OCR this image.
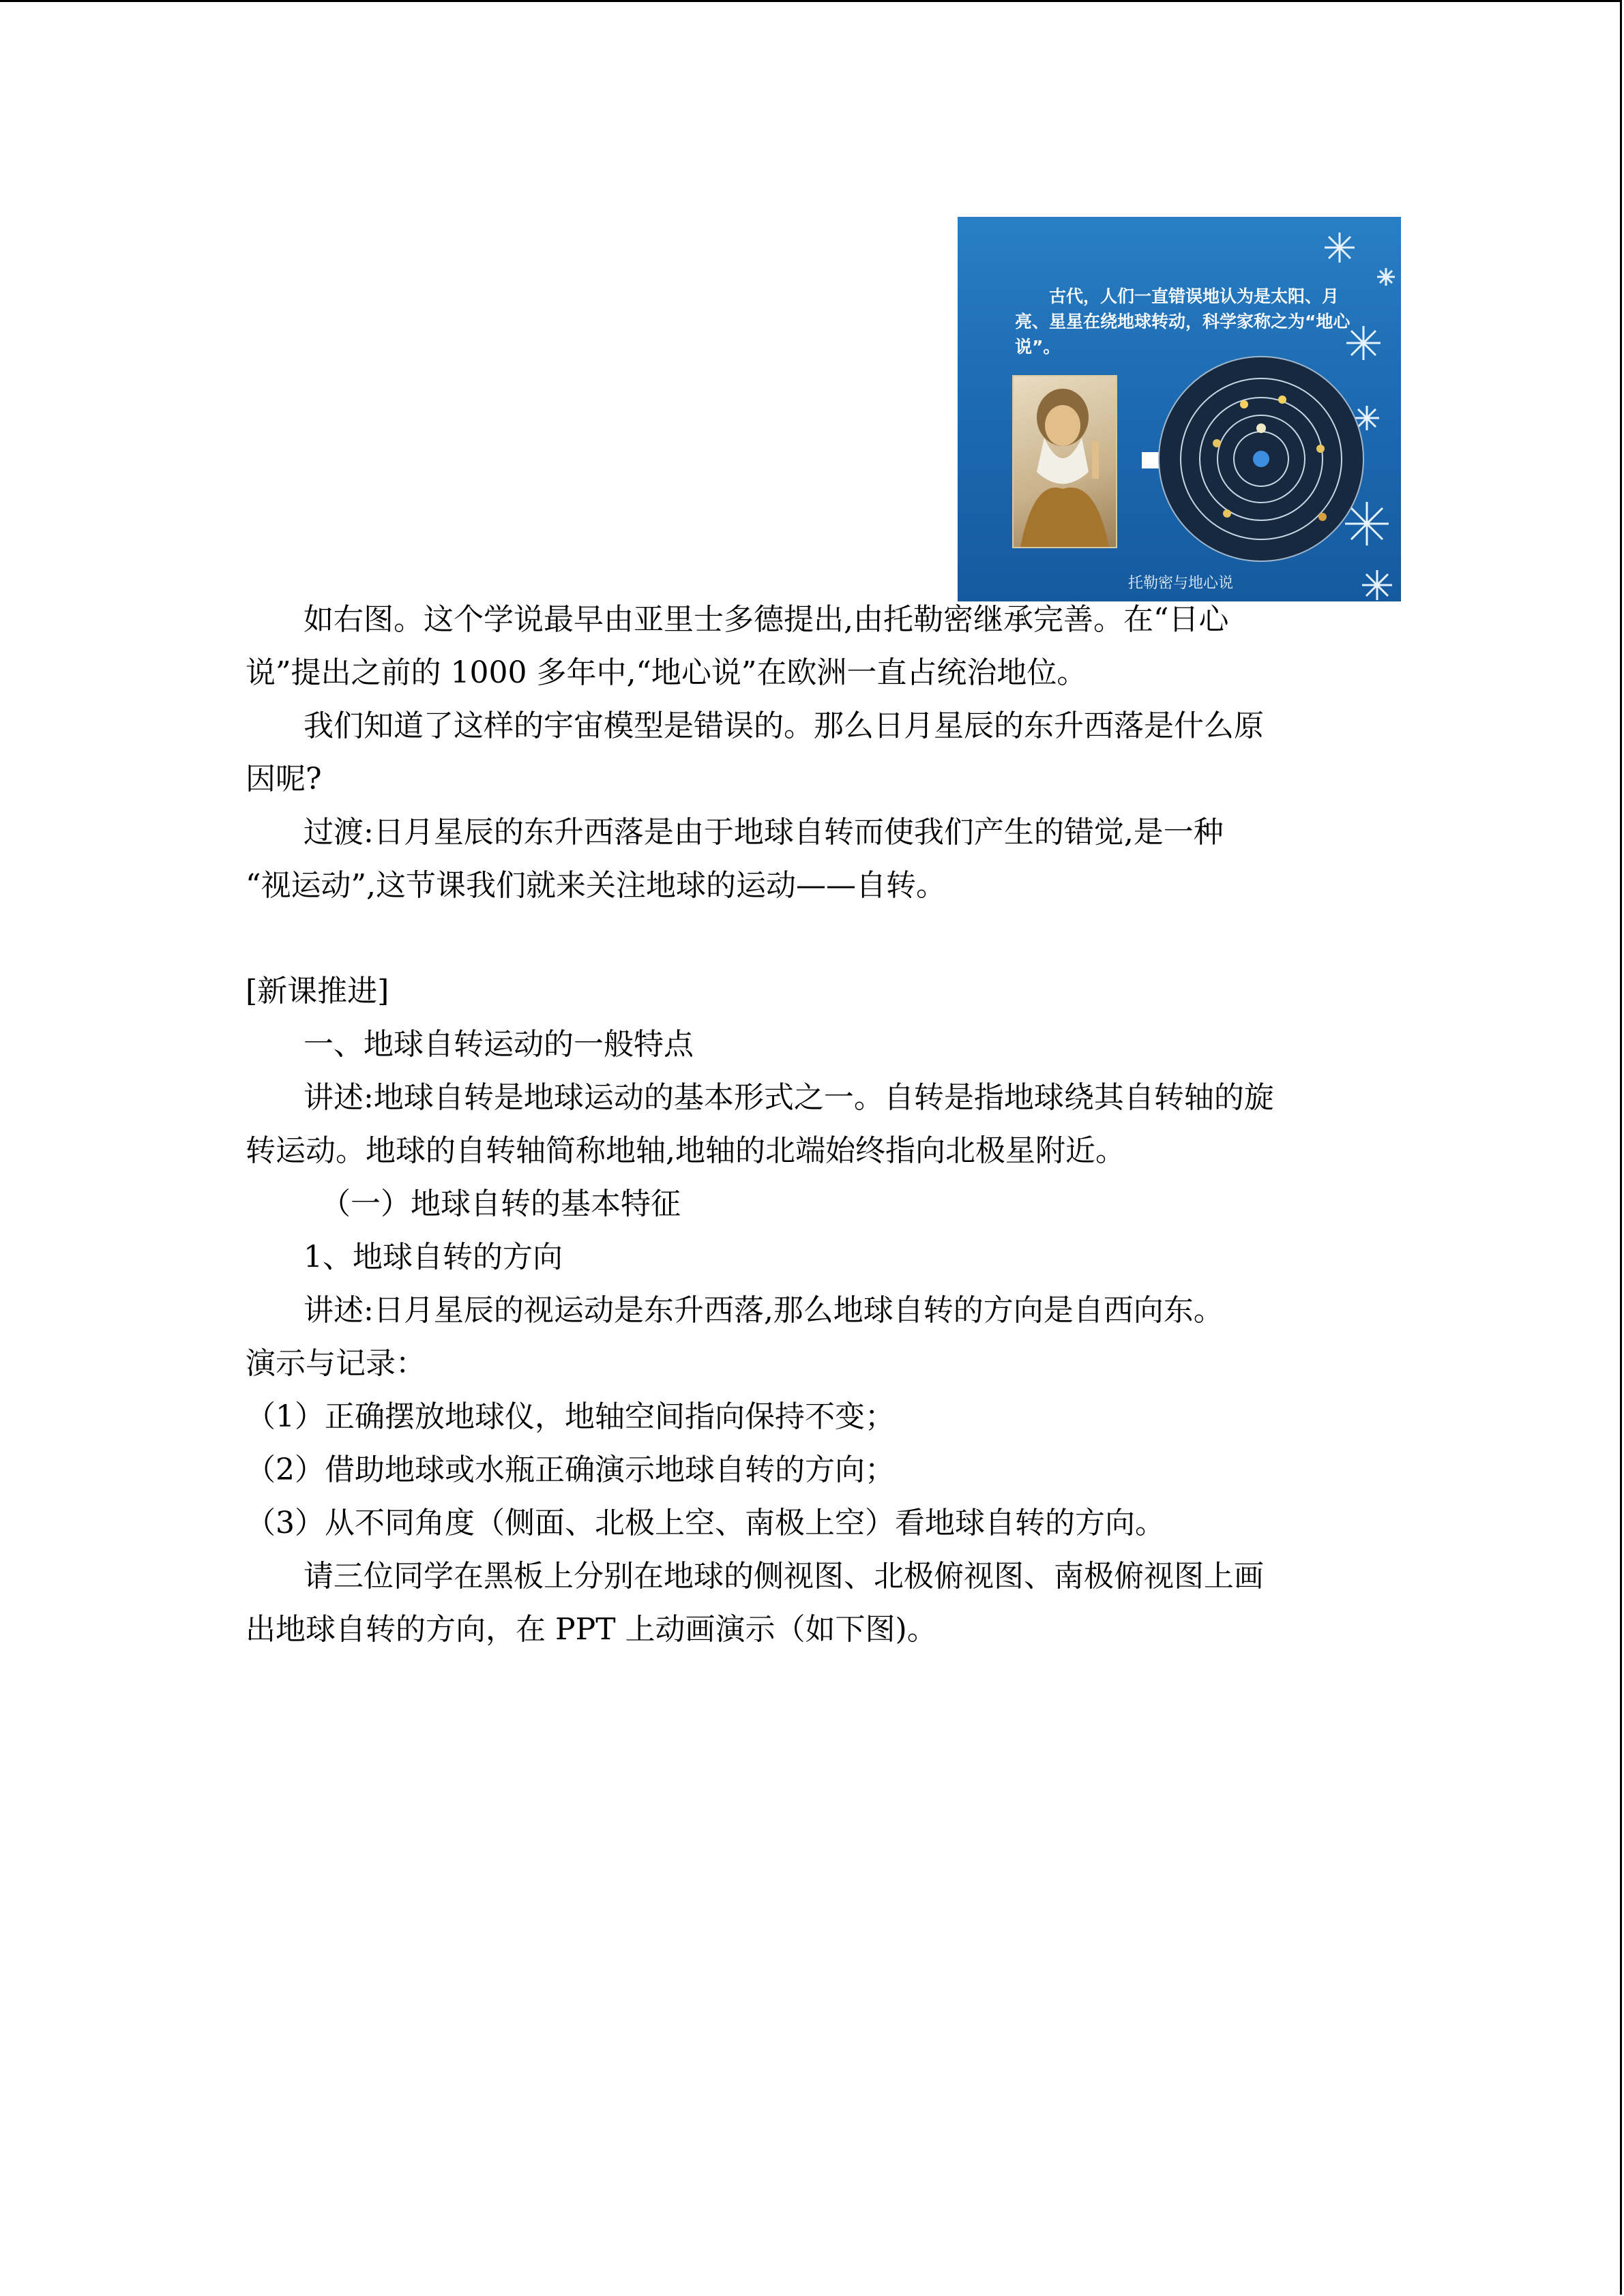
古代，人们一直错误地认为是太阳、月亮、星星在绕地球转动，科学家称之为“地心说”。
托勒密与地心说
如右图。这个学说最早由亚里士多德提出,由托勒密继承完善。在“日心
说”提出之前的 1000 多年中,“地心说”在欧洲一直占统治地位。
我们知道了这样的宇宙模型是错误的。那么日月星辰的东升西落是什么原
因呢?
过渡:日月星辰的东升西落是由于地球自转而使我们产生的错觉,是一种
“视运动”,这节课我们就来关注地球的运动——自转。
[新课推进]
一、地球自转运动的一般特点
讲述:地球自转是地球运动的基本形式之一。自转是指地球绕其自转轴的旋
转运动。地球的自转轴简称地轴,地轴的北端始终指向北极星附近。
（一）地球自转的基本特征
1、地球自转的方向
讲述:日月星辰的视运动是东升西落,那么地球自转的方向是自西向东。
演示与记录：
（1）正确摆放地球仪，地轴空间指向保持不变；
（2）借助地球或水瓶正确演示地球自转的方向；
（3）从不同角度（侧面、北极上空、南极上空）看地球自转的方向。
请三位同学在黑板上分别在地球的侧视图、北极俯视图、南极俯视图上画
出地球自转的方向，在 PPT 上动画演示（如下图)。
